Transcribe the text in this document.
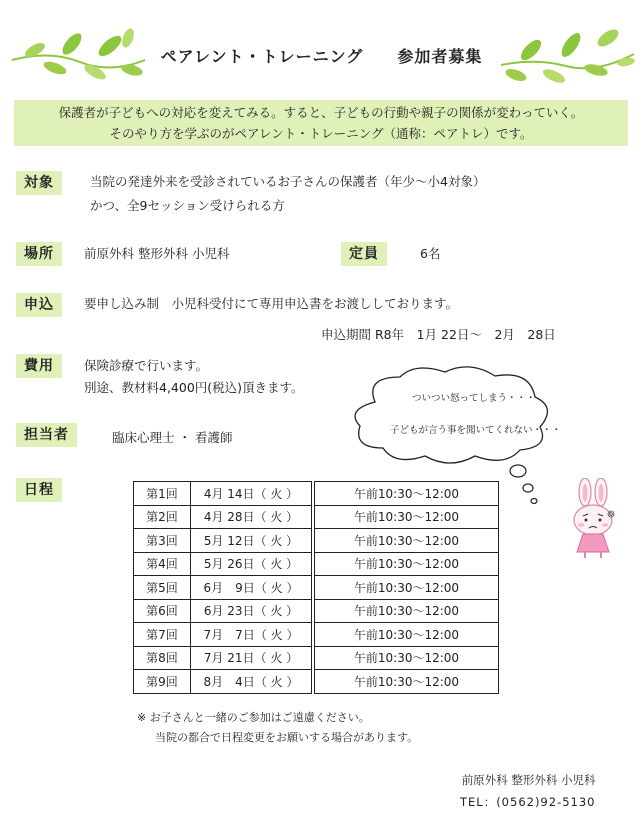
ペアレント・トレーニング 参加者募集
保護者が子どもへの対応を変えてみる。すると、子どもの行動や親子の関係が変わっていく。
そのやり方を学ぶのがペアレント・トレーニング（通称：ペアトレ）です。
対象	当院の発達外来を受診されているお子さんの保護者（年少～小4対象）
かつ、全9セッション受けられる方
場所	前原外科 整形外科 小児科	定員	6名
申込	要申し込み制　小児科受付にて専用申込書をお渡ししております。
申込期間 R8年　1月 22日～　2月　28日
費用	保険診療で行います。
別途、教材料4,400円(税込)頂きます。
ついつい怒ってしまう・・・
子どもが言う事を聞いてくれない・・・
担当者	臨床心理士 ・ 看護師
日程	第1回	4月 14日（ 火 ）	午前10:30～12:00
第2回	4月 28日（ 火 ）	午前10:30～12:00
第3回	5月 12日（ 火 ）	午前10:30～12:00
第4回	5月 26日（ 火 ）	午前10:30～12:00
第5回	6月　9日（ 火 ）	午前10:30～12:00
第6回	6月 23日（ 火 ）	午前10:30～12:00
第7回	7月　7日（ 火 ）	午前10:30～12:00
第8回	7月 21日（ 火 ）	午前10:30～12:00
第9回	8月　4日（ 火 ）	午前10:30～12:00
※ お子さんと一緒のご参加はご遠慮ください。
当院の都合で日程変更をお願いする場合があります。
前原外科 整形外科 小児科
TEL：(0562)92-5130
